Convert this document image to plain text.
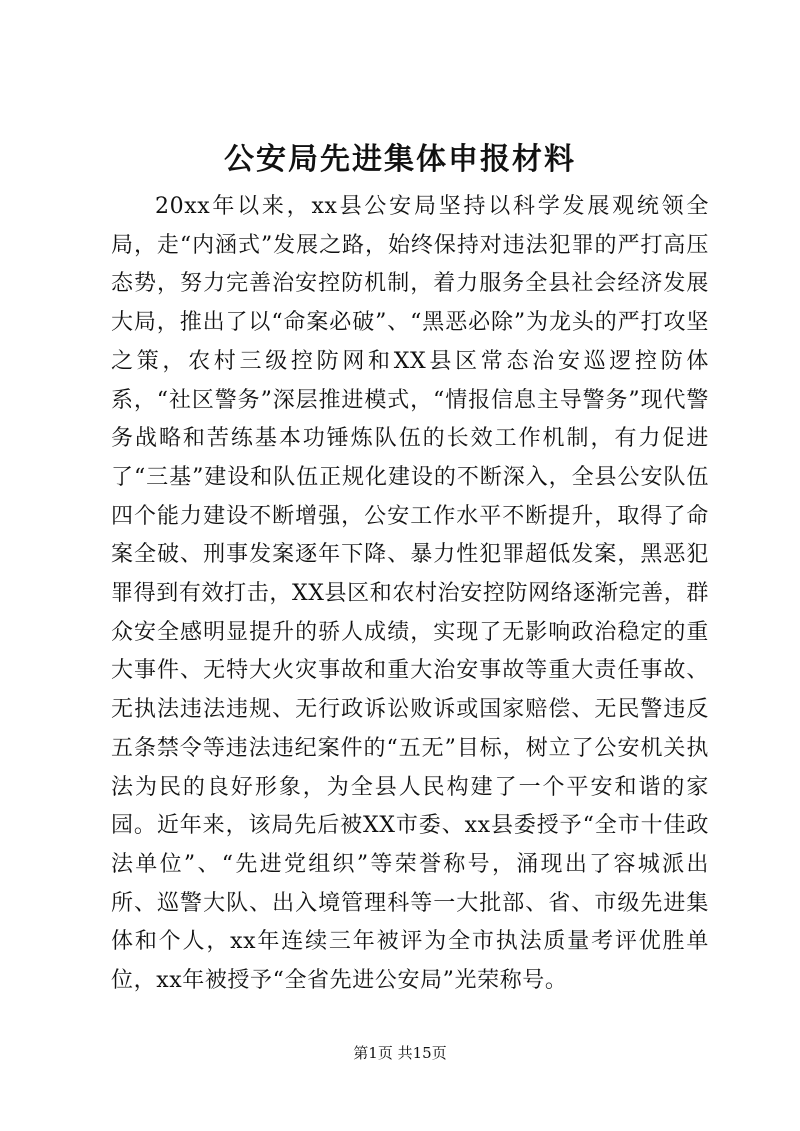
公安局先进集体申报材料

20xx年以来，xx县公安局坚持以科学发展观统领全局，走“内涵式”发展之路，始终保持对违法犯罪的严打高压态势，努力完善治安控防机制，着力服务全县社会经济发展大局，推出了以“命案必破”、“黑恶必除”为龙头的严打攻坚之策，农村三级控防网和XX县区常态治安巡逻控防体系，“社区警务”深层推进模式，“情报信息主导警务”现代警务战略和苦练基本功锤炼队伍的长效工作机制，有力促进了“三基”建设和队伍正规化建设的不断深入，全县公安队伍四个能力建设不断增强，公安工作水平不断提升，取得了命案全破、刑事发案逐年下降、暴力性犯罪超低发案，黑恶犯罪得到有效打击，XX县区和农村治安控防网络逐渐完善，群众安全感明显提升的骄人成绩，实现了无影响政治稳定的重大事件、无特大火灾事故和重大治安事故等重大责任事故、无执法违法违规、无行政诉讼败诉或国家赔偿、无民警违反五条禁令等违法违纪案件的“五无”目标，树立了公安机关执法为民的良好形象，为全县人民构建了一个平安和谐的家园。近年来，该局先后被XX市委、xx县委授予“全市十佳政法单位”、“先进党组织”等荣誉称号，涌现出了容城派出所、巡警大队、出入境管理科等一大批部、省、市级先进集体和个人，xx年连续三年被评为全市执法质量考评优胜单位，xx年被授予“全省先进公安局”光荣称号。

第1页 共15页
